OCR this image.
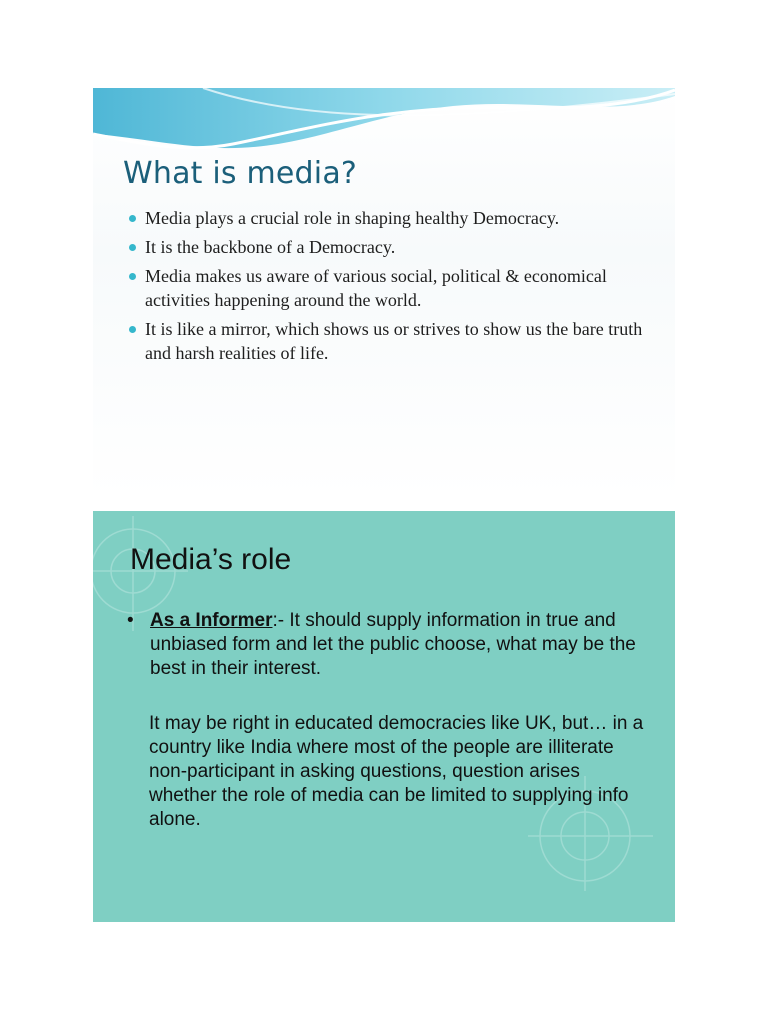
What is media?
Media plays a crucial role in shaping healthy Democracy.
It is the backbone of a Democracy.
Media makes us aware of various social, political & economical activities happening around the world.
It is like a mirror, which shows us or strives to show us the bare truth and harsh realities of life.
Media’s role
• As a Informer:- It should supply information in true and unbiased form and let the public choose, what may be the best in their interest.
It may be right in educated democracies like UK, but… in a country like India where most of the people are illiterate non-participant in asking questions, question arises whether the role of media can be limited to supplying info alone.
